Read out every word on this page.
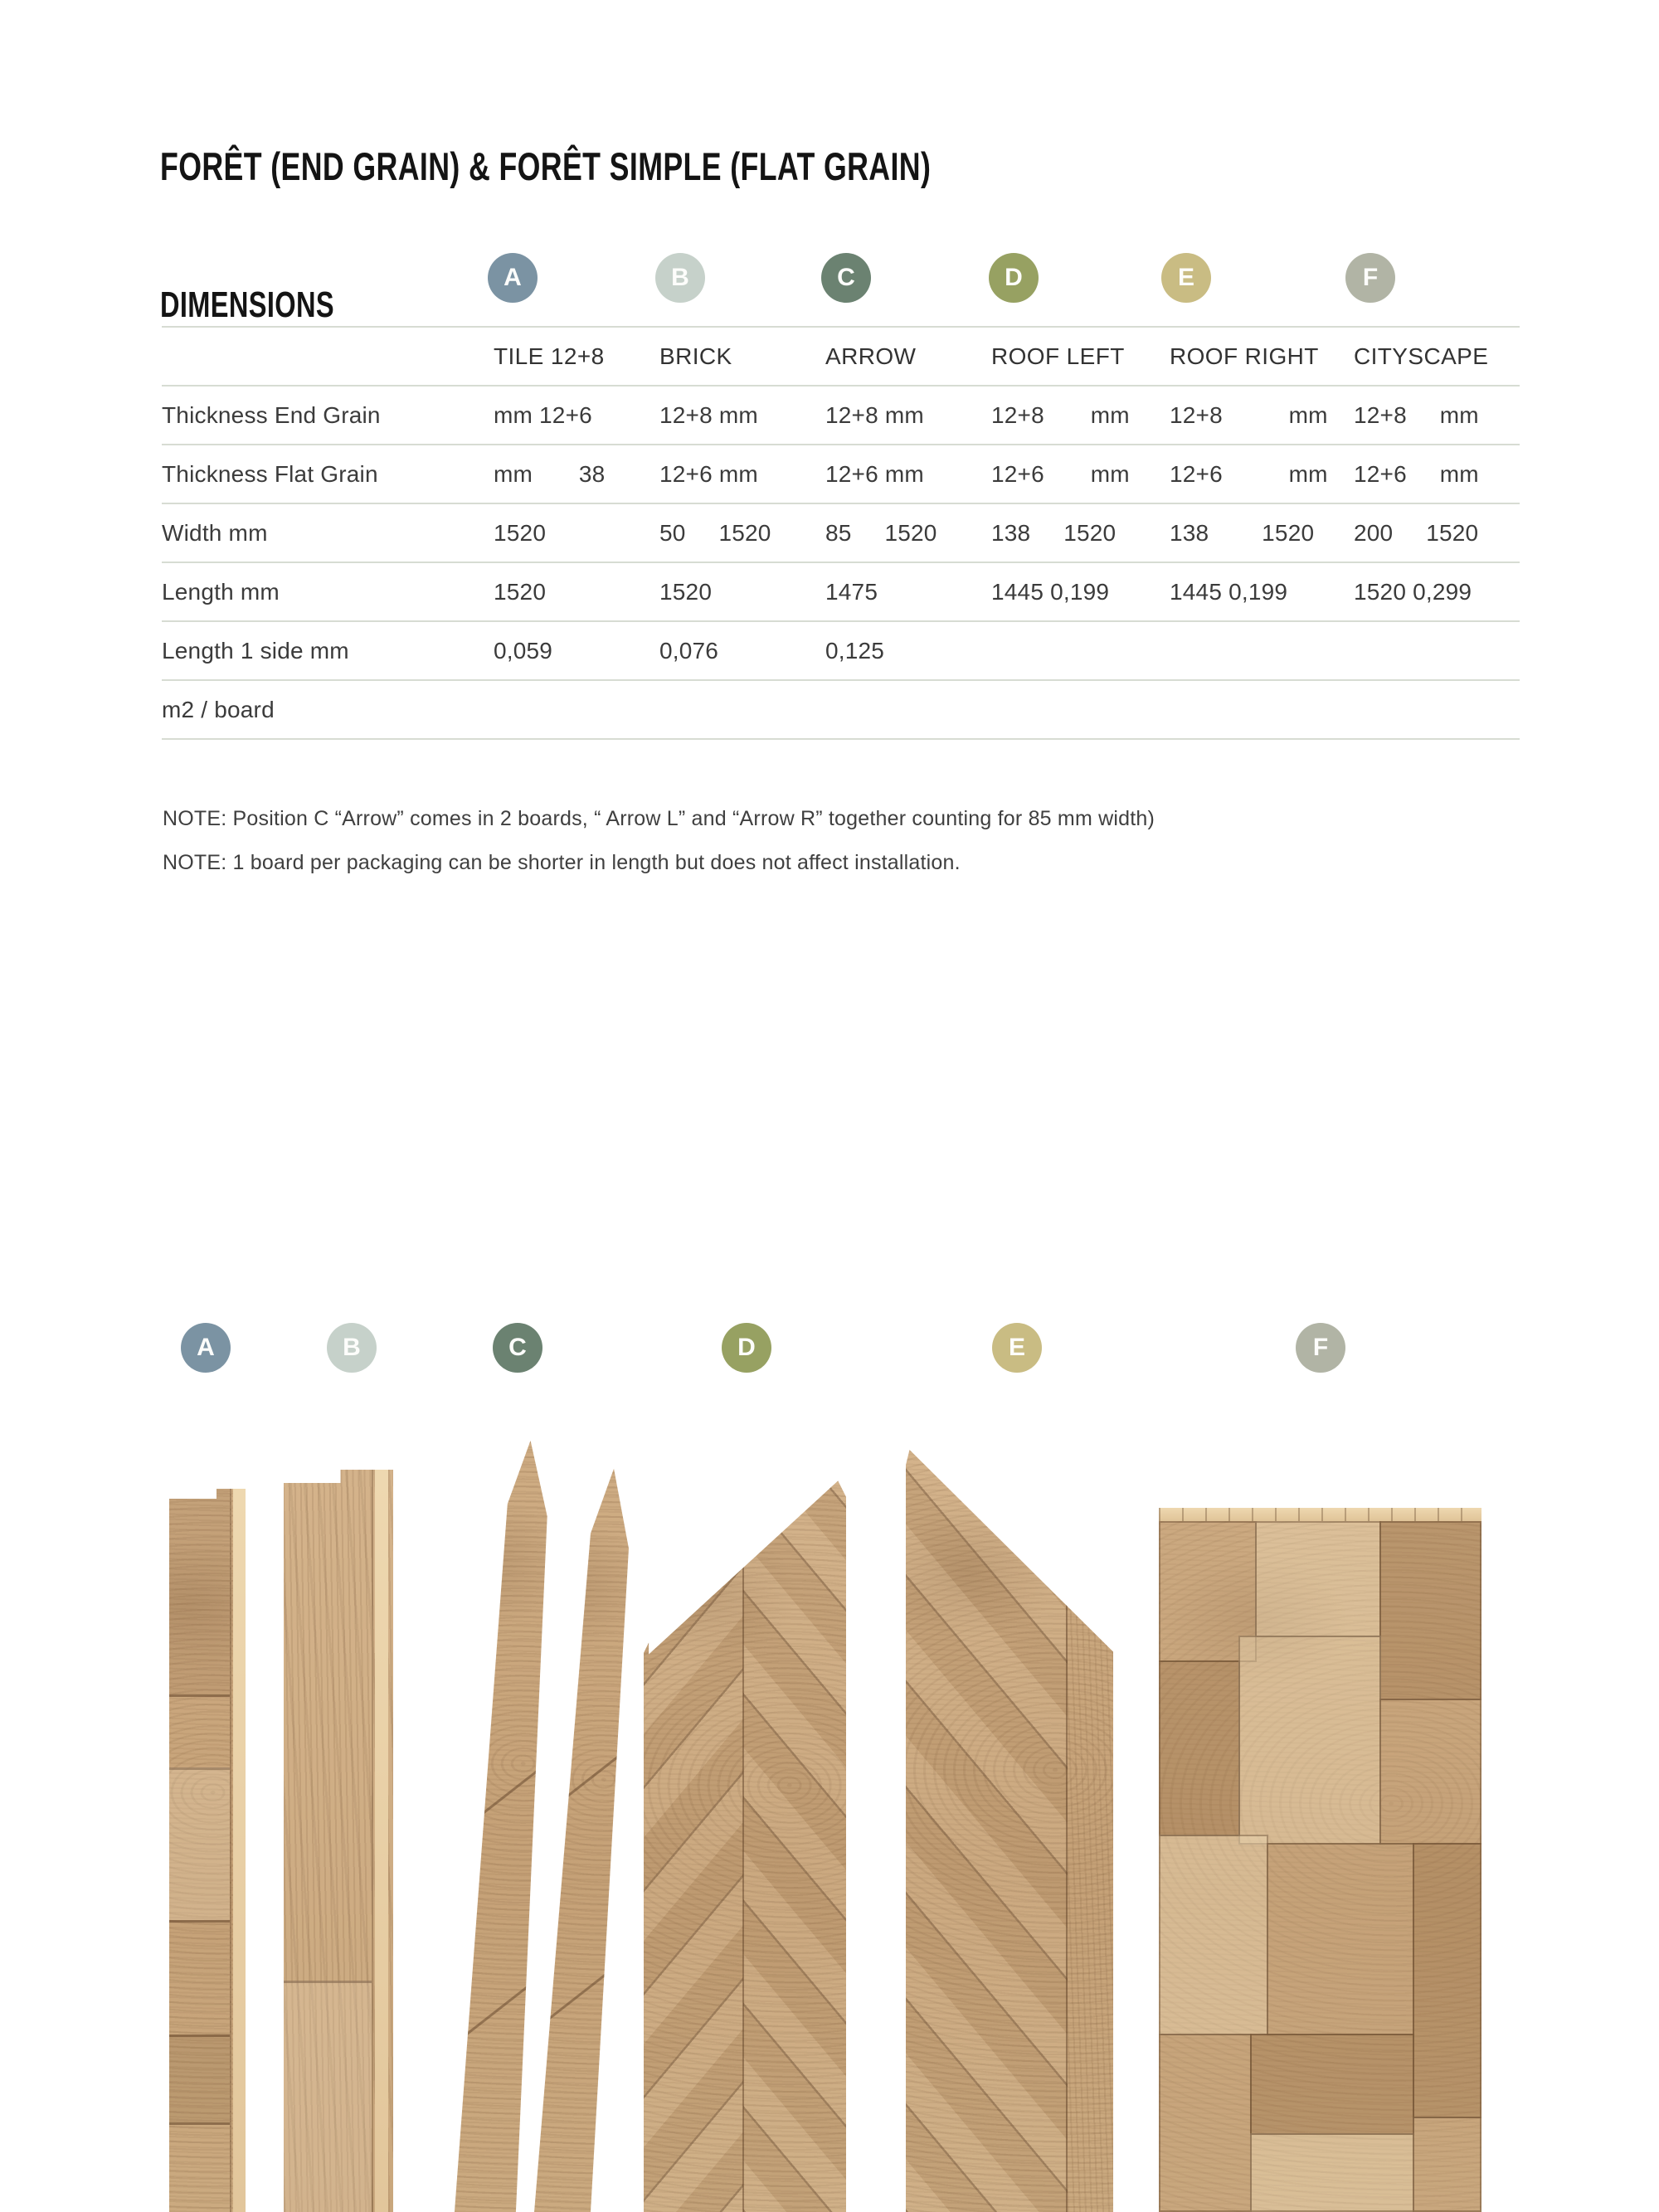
FORÊT (END GRAIN) & FORÊT SIMPLE (FLAT GRAIN)
DIMENSIONS
A	B	C	D	E	F
TILE 12+8	BRICK	ARROW	ROOF LEFT	ROOF RIGHT	CITYSCAPE
Thickness End Grain	mm 12+6	12+8 mm	12+8 mm	12+8       mm	12+8          mm	12+8     mm
Thickness Flat Grain	mm       38	12+6 mm	12+6 mm	12+6       mm	12+6          mm	12+6     mm
Width mm	1520	50     1520	85     1520	138     1520	138        1520	200     1520
Length mm	1520	1520	1475	1445 0,199	1445 0,199	1520 0,299
Length 1 side mm	0,059	0,076	0,125
m2 / board

NOTE: Position C “Arrow” comes in 2 boards, “ Arrow L” and “Arrow R” together counting for 85 mm width)

NOTE: 1 board per packaging can be shorter in length but does not affect installation.

A	B	C	D	E	F
